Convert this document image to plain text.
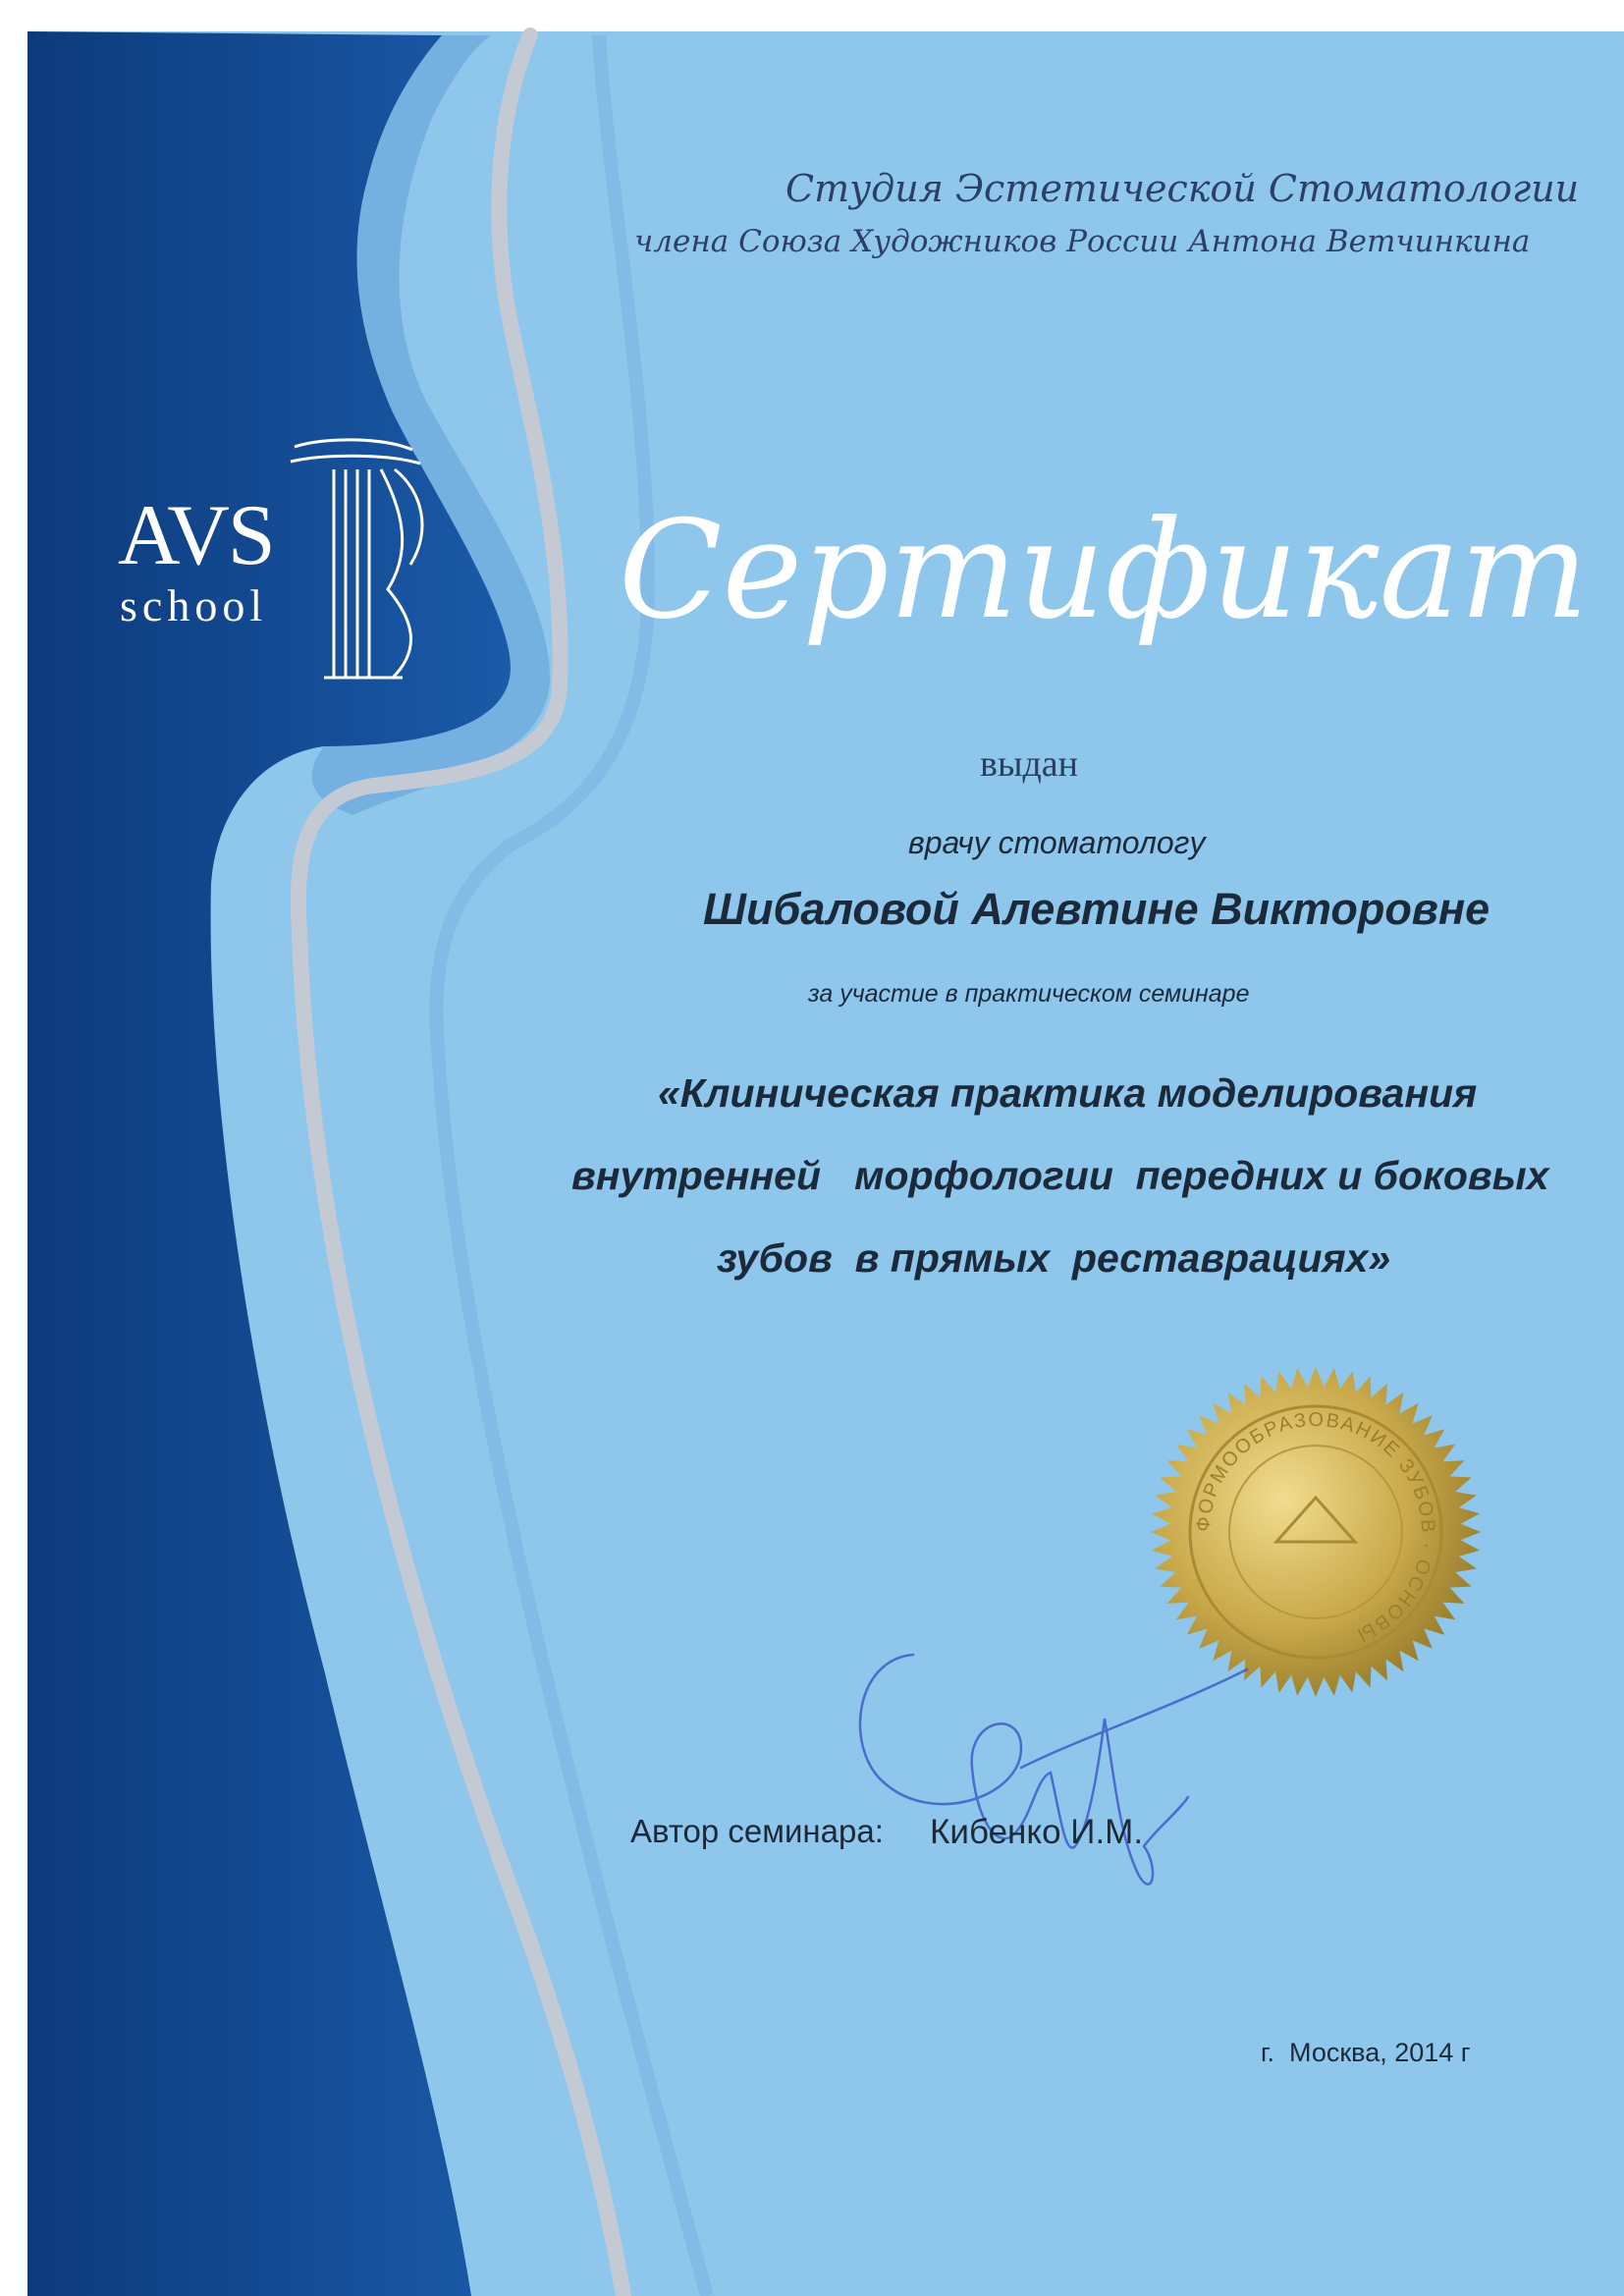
ФОРМООБРАЗОВАНИЕ ЗУБОВ · ОСНОВЫ

Студия Эстетической Стоматологии

члена Союза Художников России Антона Ветчинкина

AVS

school	Сертификат

выдан

врачу стоматологу

Шибаловой Алевтине Викторовне

за участие в практическом семинаре

«Клиническая практика моделирования

внутренней   морфологии  передних и боковых

зубов  в прямых  реставрациях»

Автор семинара: Кибенко И.М.

г.  Москва, 2014 г
